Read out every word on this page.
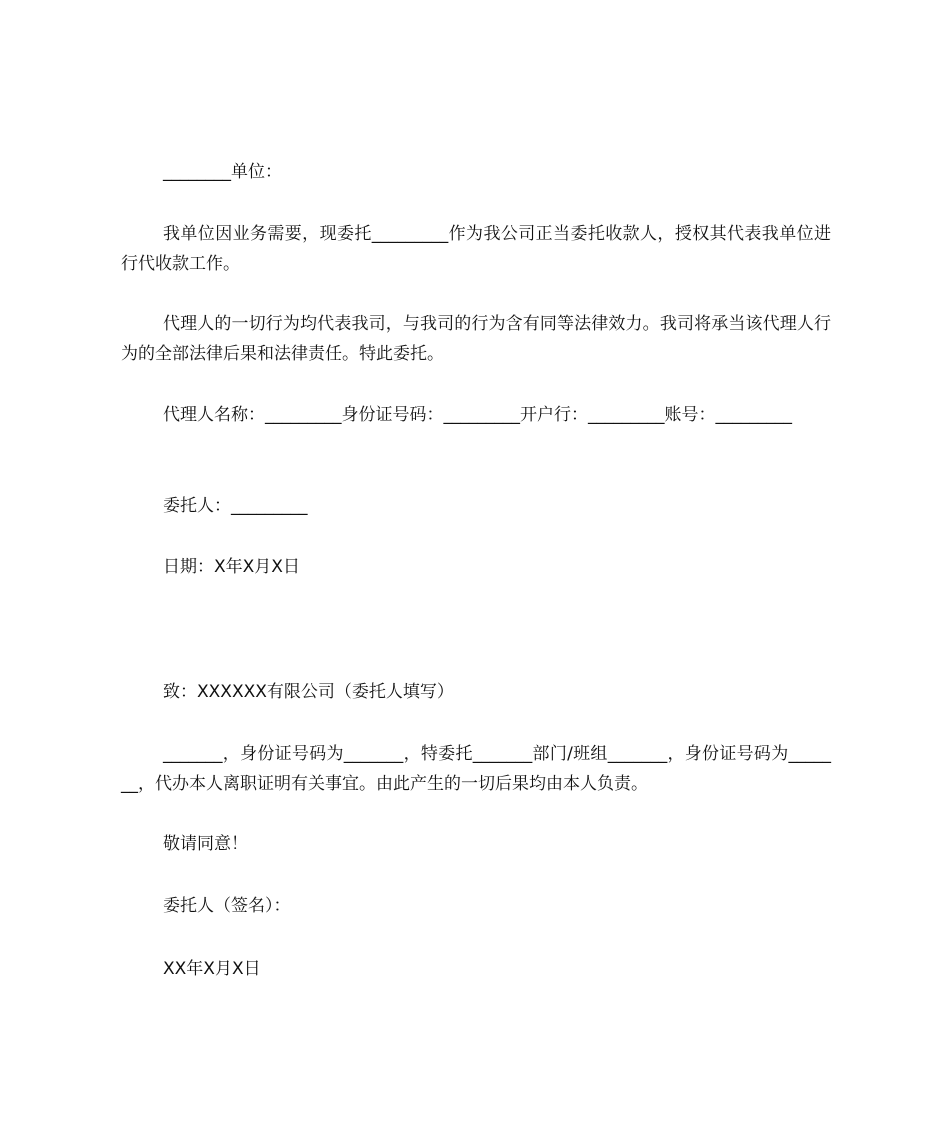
________单位：
我单位因业务需要，现委托_________作为我公司正当委托收款人，授权其代表我单位进行代收款工作。
代理人的一切行为均代表我司，与我司的行为含有同等法律效力。我司将承当该代理人行为的全部法律后果和法律责任。特此委托。
代理人名称：_________身份证号码：_________开户行：_________账号：_________
委托人：_________
日期：X年X月X日
致：XXXXXX有限公司（委托人填写）
_______，身份证号码为_______，特委托_______部门/班组_______，身份证号码为_______，代办本人离职证明有关事宜。由此产生的一切后果均由本人负责。
敬请同意！
委托人（签名）：
XX年X月X日
